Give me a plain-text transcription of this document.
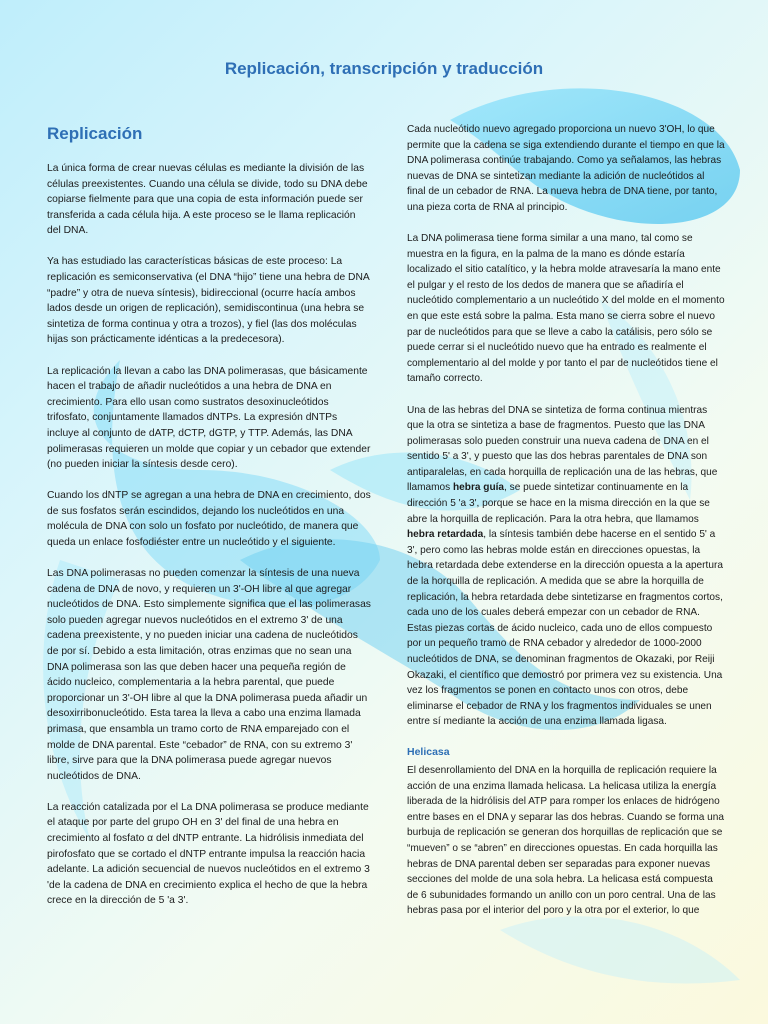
Replicación, transcripción y traducción
Replicación

La única forma de crear nuevas células es mediante la división de las células preexistentes. Cuando una célula se divide, todo su DNA debe copiarse fielmente para que una copia de esta información puede ser transferida a cada célula hija. A este proceso se le llama replicación del DNA.

Ya has estudiado las características básicas de este proceso: La replicación es semiconservativa (el DNA “hijo” tiene una hebra de DNA “padre” y otra de nueva síntesis), bidireccional (ocurre hacía ambos lados desde un origen de replicación), semidiscontinua (una hebra se sintetiza de forma continua y otra a trozos), y fiel (las dos moléculas hijas son prácticamente idénticas a la predecesora).

La replicación la llevan a cabo las DNA polimerasas, que básicamente hacen el trabajo de añadir nucleótidos a una hebra de DNA en crecimiento. Para ello usan como sustratos desoxinucleótidos trifosfato, conjuntamente llamados dNTPs. La expresión dNTPs incluye al conjunto de dATP, dCTP, dGTP, y TTP. Además, las DNA polimerasas requieren un molde que copiar y un cebador que extender (no pueden iniciar la síntesis desde cero).

Cuando los dNTP se agregan a una hebra de DNA en crecimiento, dos de sus fosfatos serán escindidos, dejando los nucleótidos en una molécula de DNA con solo un fosfato por nucleótido, de manera que queda un enlace fosfodiéster entre un nucleótido y el siguiente.

Las DNA polimerasas no pueden comenzar la síntesis de una nueva cadena de DNA de novo, y requieren un 3'-OH libre al que agregar nucleótidos de DNA. Esto simplemente significa que el las polimerasas solo pueden agregar nuevos nucleótidos en el extremo 3' de una cadena preexistente, y no pueden iniciar una cadena de nucleótidos de por sí. Debido a esta limitación, otras enzimas que no sean una DNA polimerasa son las que deben hacer una pequeña región de ácido nucleico, complementaria a la hebra parental, que puede proporcionar un 3'-OH libre al que la DNA polimerasa pueda añadir un desoxirribonucleótido. Esta tarea la lleva a cabo una enzima llamada primasa, que ensambla un tramo corto de RNA emparejado con el molde de DNA parental. Este “cebador” de RNA, con su extremo 3' libre, sirve para que la DNA polimerasa puede agregar nuevos nucleótidos de DNA.

La reacción catalizada por el La DNA polimerasa se produce mediante el ataque por parte del grupo OH en 3' del final de una hebra en crecimiento al fosfato α del dNTP entrante. La hidrólisis inmediata del pirofosfato que se cortado el dNTP entrante impulsa la reacción hacia adelante. La adición secuencial de nuevos nucleótidos en el extremo 3 'de la cadena de DNA en crecimiento explica el hecho de que la hebra crece en la dirección de 5 'a 3'.

Cada nucleótido nuevo agregado proporciona un nuevo 3'OH, lo que permite que la cadena se siga extendiendo durante el tiempo en que la DNA polimerasa continúe trabajando. Como ya señalamos, las hebras nuevas de DNA se sintetizan mediante la adición de nucleótidos al final de un cebador de RNA. La nueva hebra de DNA tiene, por tanto, una pieza corta de RNA al principio.

La DNA polimerasa tiene forma similar a una mano, tal como se muestra en la figura, en la palma de la mano es dónde estaría localizado el sitio catalítico, y la hebra molde atravesaría la mano ente el pulgar y el resto de los dedos de manera que se añadiría el nucleótido complementario a un nucleótido X del molde en el momento en que este está sobre la palma. Esta mano se cierra sobre el nuevo par de nucleótidos para que se lleve a cabo la catálisis, pero sólo se puede cerrar si el nucleótido nuevo que ha entrado es realmente el complementario al del molde y por tanto el par de nucleótidos tiene el tamaño correcto.

Una de las hebras del DNA se sintetiza de forma continua mientras que la otra se sintetiza a base de fragmentos. Puesto que las DNA polimerasas solo pueden construir una nueva cadena de DNA en el sentido 5' a 3', y puesto que las dos hebras parentales de DNA son antiparalelas, en cada horquilla de replicación una de las hebras, que llamamos hebra guía, se puede sintetizar continuamente en la dirección 5 'a 3', porque se hace en la misma dirección en la que se abre la horquilla de replicación. Para la otra hebra, que llamamos hebra retardada, la síntesis también debe hacerse en el sentido 5' a 3', pero como las hebras molde están en direcciones opuestas, la hebra retardada debe extenderse en la dirección opuesta a la apertura de la horquilla de replicación. A medida que se abre la horquilla de replicación, la hebra retardada debe sintetizarse en fragmentos cortos, cada uno de los cuales deberá empezar con un cebador de RNA. Estas piezas cortas de ácido nucleico, cada uno de ellos compuesto por un pequeño tramo de RNA cebador y alrededor de 1000-2000 nucleótidos de DNA, se denominan fragmentos de Okazaki, por Reiji Okazaki, el científico que demostró por primera vez su existencia. Una vez los fragmentos se ponen en contacto unos con otros, debe eliminarse el cebador de RNA y los fragmentos individuales se unen entre sí mediante la acción de una enzima llamada ligasa.

Helicasa

El desenrollamiento del DNA en la horquilla de replicación requiere la acción de una enzima llamada helicasa. La helicasa utiliza la energía liberada de la hidrólisis del ATP para romper los enlaces de hidrógeno entre bases en el DNA y separar las dos hebras. Cuando se forma una burbuja de replicación se generan dos horquillas de replicación que se “mueven” o se “abren” en direcciones opuestas. En cada horquilla las hebras de DNA parental deben ser separadas para exponer nuevas secciones del molde de una sola hebra. La helicasa está compuesta de 6 subunidades formando un anillo con un poro central. Una de las hebras pasa por el interior del poro y la otra por el exterior, lo que
